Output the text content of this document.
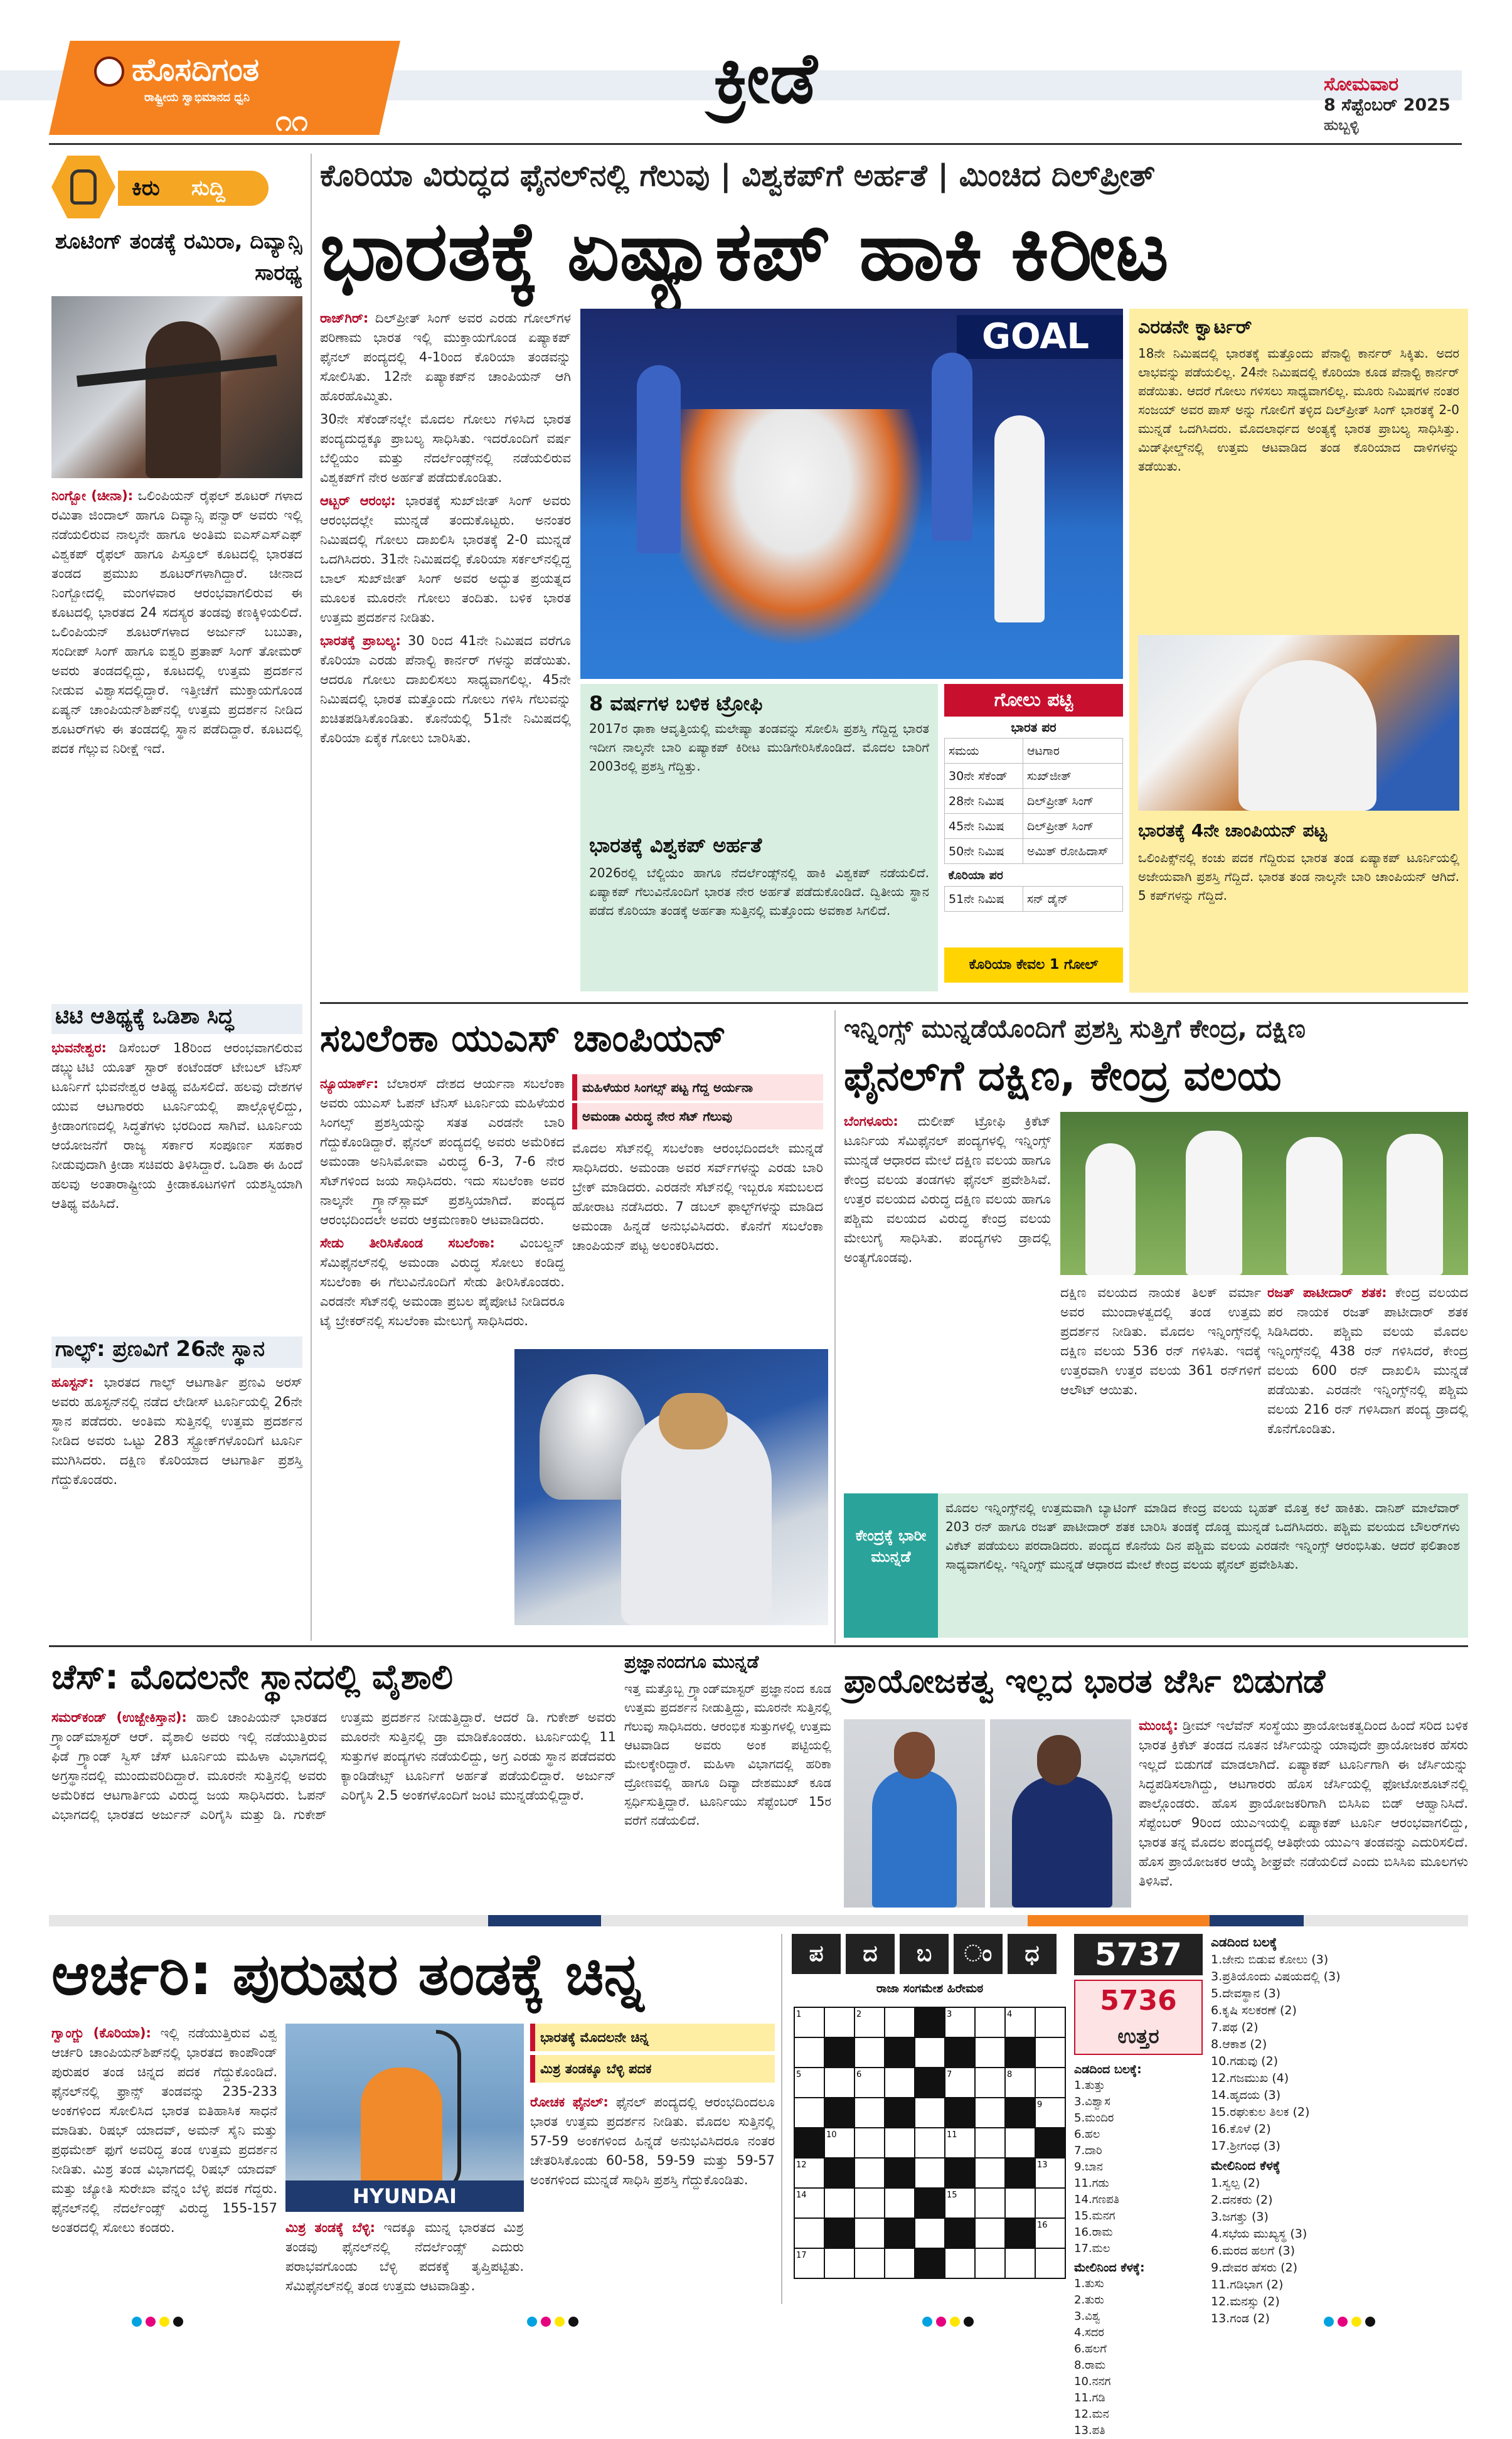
ಹೊಸದಿಗಂತ
ರಾಷ್ಟ್ರೀಯ ಸ್ವಾಭಿಮಾನದ ಧ್ವನಿ
೧೧
ಕ್ರೀಡೆ	ಸೋಮವಾರ
8 ಸೆಪ್ಟೆಂಬರ್ 2025
ಹುಬ್ಬಳ್ಳಿ
ಕಿರು	ಸುದ್ದಿ
ಶೂಟಿಂಗ್ ತಂಡಕ್ಕೆ ರಮಿರಾ, ದಿವ್ಯಾನ್ಸಿ ಸಾರಥ್ಯ

ನಿಂಗ್ಬೋ (ಚೀನಾ): ಒಲಿಂಪಿಯನ್ ರೈಫಲ್ ಶೂಟರ್ ಗಳಾದ ರಮಿತಾ ಜಿಂದಾಲ್ ಹಾಗೂ ದಿವ್ಯಾನ್ಸಿ ಪನ್ವಾರ್ ಅವರು ಇಲ್ಲಿ ನಡೆಯಲಿರುವ ನಾಲ್ಕನೇ ಹಾಗೂ ಅಂತಿಮ ಐಎಸ್‌ಎಸ್‌ಎಫ್ ವಿಶ್ವಕಪ್ ರೈಫಲ್ ಹಾಗೂ ಪಿಸ್ತೂಲ್ ಕೂಟದಲ್ಲಿ ಭಾರತದ ತಂಡದ ಪ್ರಮುಖ ಶೂಟರ್‌ಗಳಾಗಿದ್ದಾರೆ. ಚೀನಾದ ನಿಂಗ್ಬೋದಲ್ಲಿ ಮಂಗಳವಾರ ಆರಂಭವಾಗಲಿರುವ ಈ ಕೂಟದಲ್ಲಿ ಭಾರತದ 24 ಸದಸ್ಯರ ತಂಡವು ಕಣಕ್ಕಿಳಿಯಲಿದೆ. ಒಲಿಂಪಿಯನ್ ಶೂಟರ್‌ಗಳಾದ ಅರ್ಜುನ್ ಬಬುತಾ, ಸಂದೀಪ್ ಸಿಂಗ್ ಹಾಗೂ ಐಶ್ವರಿ ಪ್ರತಾಪ್ ಸಿಂಗ್ ತೋಮರ್ ಅವರು ತಂಡದಲ್ಲಿದ್ದು, ಕೂಟದಲ್ಲಿ ಉತ್ತಮ ಪ್ರದರ್ಶನ ನೀಡುವ ವಿಶ್ವಾಸದಲ್ಲಿದ್ದಾರೆ. ಇತ್ತೀಚೆಗೆ ಮುಕ್ತಾಯಗೊಂಡ ಏಷ್ಯನ್ ಚಾಂಪಿಯನ್‌ಶಿಪ್‌ನಲ್ಲಿ ಉತ್ತಮ ಪ್ರದರ್ಶನ ನೀಡಿದ ಶೂಟರ್‌ಗಳು ಈ ತಂಡದಲ್ಲಿ ಸ್ಥಾನ ಪಡೆದಿದ್ದಾರೆ. ಕೂಟದಲ್ಲಿ ಪದಕ ಗೆಲ್ಲುವ ನಿರೀಕ್ಷೆ ಇದೆ.

ಟಿಟಿ ಆತಿಥ್ಯಕ್ಕೆ ಒಡಿಶಾ ಸಿದ್ಧ

ಭುವನೇಶ್ವರ: ಡಿಸೆಂಬರ್ 18ರಿಂದ ಆರಂಭವಾಗಲಿರುವ ಡಬ್ಲ್ಯುಟಿಟಿ ಯೂತ್ ಸ್ಟಾರ್ ಕಂಟೆಂಡರ್ ಟೇಬಲ್ ಟೆನಿಸ್ ಟೂರ್ನಿಗೆ ಭುವನೇಶ್ವರ ಆತಿಥ್ಯ ವಹಿಸಲಿದೆ. ಹಲವು ದೇಶಗಳ ಯುವ ಆಟಗಾರರು ಟೂರ್ನಿಯಲ್ಲಿ ಪಾಲ್ಗೊಳ್ಳಲಿದ್ದು, ಕ್ರೀಡಾಂಗಣದಲ್ಲಿ ಸಿದ್ಧತೆಗಳು ಭರದಿಂದ ಸಾಗಿವೆ. ಟೂರ್ನಿಯ ಆಯೋಜನೆಗೆ ರಾಜ್ಯ ಸರ್ಕಾರ ಸಂಪೂರ್ಣ ಸಹಕಾರ ನೀಡುವುದಾಗಿ ಕ್ರೀಡಾ ಸಚಿವರು ತಿಳಿಸಿದ್ದಾರೆ. ಒಡಿಶಾ ಈ ಹಿಂದೆ ಹಲವು ಅಂತಾರಾಷ್ಟ್ರೀಯ ಕ್ರೀಡಾಕೂಟಗಳಿಗೆ ಯಶಸ್ವಿಯಾಗಿ ಆತಿಥ್ಯ ವಹಿಸಿದೆ.

ಗಾಲ್ಫ್: ಪ್ರಣವಿಗೆ 26ನೇ ಸ್ಥಾನ

ಹೂಸ್ಟನ್: ಭಾರತದ ಗಾಲ್ಫ್ ಆಟಗಾರ್ತಿ ಪ್ರಣವಿ ಅರಸ್ ಅವರು ಹೂಸ್ಟನ್‌ನಲ್ಲಿ ನಡೆದ ಲೇಡೀಸ್ ಟೂರ್ನಿಯಲ್ಲಿ 26ನೇ ಸ್ಥಾನ ಪಡೆದರು. ಅಂತಿಮ ಸುತ್ತಿನಲ್ಲಿ ಉತ್ತಮ ಪ್ರದರ್ಶನ ನೀಡಿದ ಅವರು ಒಟ್ಟು 283 ಸ್ಟ್ರೋಕ್‌ಗಳೊಂದಿಗೆ ಟೂರ್ನಿ ಮುಗಿಸಿದರು. ದಕ್ಷಿಣ ಕೊರಿಯಾದ ಆಟಗಾರ್ತಿ ಪ್ರಶಸ್ತಿ ಗೆದ್ದುಕೊಂಡರು.

ಕೊರಿಯಾ ವಿರುದ್ಧದ ಫೈನಲ್‌ನಲ್ಲಿ ಗೆಲುವು | ವಿಶ್ವಕಪ್‌ಗೆ ಅರ್ಹತೆ | ಮಿಂಚಿದ ದಿಲ್‌ಪ್ರೀತ್
ಭಾರತಕ್ಕೆ ಏಷ್ಯಾಕಪ್ ಹಾಕಿ ಕಿರೀಟ

ರಾಜ್‌ಗಿರ್: ದಿಲ್‌ಪ್ರೀತ್ ಸಿಂಗ್ ಅವರ ಎರಡು ಗೋಲ್‌ಗಳ ಪರಿಣಾಮ ಭಾರತ ಇಲ್ಲಿ ಮುಕ್ತಾಯಗೊಂಡ ಏಷ್ಯಾಕಪ್ ಫೈನಲ್ ಪಂದ್ಯದಲ್ಲಿ 4-1ರಿಂದ ಕೊರಿಯಾ ತಂಡವನ್ನು ಸೋಲಿಸಿತು. 12ನೇ ಏಷ್ಯಾಕಪ್‌ನ ಚಾಂಪಿಯನ್ ಆಗಿ ಹೊರಹೊಮ್ಮಿತು.

30ನೇ ಸೆಕೆಂಡ್‌ನಲ್ಲೇ ಮೊದಲ ಗೋಲು ಗಳಿಸಿದ ಭಾರತ ಪಂದ್ಯದುದ್ದಕ್ಕೂ ಪ್ರಾಬಲ್ಯ ಸಾಧಿಸಿತು. ಇದರೊಂದಿಗೆ ವರ್ಷ ಬೆಲ್ಜಿಯಂ ಮತ್ತು ನೆದರ್ಲೆಂಡ್ಸ್‌ನಲ್ಲಿ ನಡೆಯಲಿರುವ ವಿಶ್ವಕಪ್‌ಗೆ ನೇರ ಅರ್ಹತೆ ಪಡೆದುಕೊಂಡಿತು.

ಆಟ್ಬರ್ ಆರಂಭ: ಭಾರತಕ್ಕೆ ಸುಖ್‌ಜೀತ್ ಸಿಂಗ್ ಅವರು ಆರಂಭದಲ್ಲೇ ಮುನ್ನಡೆ ತಂದುಕೊಟ್ಟರು. ಅನಂತರ ನಿಮಿಷದಲ್ಲಿ ಗೋಲು ದಾಖಲಿಸಿ ಭಾರತಕ್ಕೆ 2-0 ಮುನ್ನಡೆ ಒದಗಿಸಿದರು. 31ನೇ ನಿಮಿಷದಲ್ಲಿ ಕೊರಿಯಾ ಸರ್ಕಲ್‌ನಲ್ಲಿದ್ದ ಬಾಲ್ ಸುಖ್‌ಜೀತ್ ಸಿಂಗ್ ಅವರ ಅದ್ಭುತ ಪ್ರಯತ್ನದ ಮೂಲಕ ಮೂರನೇ ಗೋಲು ತಂದಿತು. ಬಳಿಕ ಭಾರತ ಉತ್ತಮ ಪ್ರದರ್ಶನ ನೀಡಿತು.

ಭಾರತಕ್ಕೆ ಪ್ರಾಬಲ್ಯ: 30 ರಿಂದ 41ನೇ ನಿಮಿಷದ ವರೆಗೂ ಕೊರಿಯಾ ಎರಡು ಪೆನಾಲ್ಟಿ ಕಾರ್ನರ್ ಗಳನ್ನು ಪಡೆಯಿತು. ಆದರೂ ಗೋಲು ದಾಖಲಿಸಲು ಸಾಧ್ಯವಾಗಲಿಲ್ಲ. 45ನೇ ನಿಮಿಷದಲ್ಲಿ ಭಾರತ ಮತ್ತೊಂದು ಗೋಲು ಗಳಿಸಿ ಗೆಲುವನ್ನು ಖಚಿತಪಡಿಸಿಕೊಂಡಿತು. ಕೊನೆಯಲ್ಲಿ 51ನೇ ನಿಮಿಷದಲ್ಲಿ ಕೊರಿಯಾ ಏಕೈಕ ಗೋಲು ಬಾರಿಸಿತು.

GOAL
8 ವರ್ಷಗಳ ಬಳಿಕ ಟ್ರೋಫಿ
2017ರ ಢಾಕಾ ಆವೃತ್ತಿಯಲ್ಲಿ ಮಲೇಷ್ಯಾ ತಂಡವನ್ನು ಸೋಲಿಸಿ ಪ್ರಶಸ್ತಿ ಗೆದ್ದಿದ್ದ ಭಾರತ ಇದೀಗ ನಾಲ್ಕನೇ ಬಾರಿ ಏಷ್ಯಾಕಪ್ ಕಿರೀಟ ಮುಡಿಗೇರಿಸಿಕೊಂಡಿದೆ. ಮೊದಲ ಬಾರಿಗೆ 2003ರಲ್ಲಿ ಪ್ರಶಸ್ತಿ ಗೆದ್ದಿತ್ತು.
ಭಾರತಕ್ಕೆ ವಿಶ್ವಕಪ್ ಅರ್ಹತೆ
2026ರಲ್ಲಿ ಬೆಲ್ಜಿಯಂ ಹಾಗೂ ನೆದರ್ಲೆಂಡ್ಸ್‌ನಲ್ಲಿ ಹಾಕಿ ವಿಶ್ವಕಪ್ ನಡೆಯಲಿದೆ. ಏಷ್ಯಾಕಪ್ ಗೆಲುವಿನೊಂದಿಗೆ ಭಾರತ ನೇರ ಅರ್ಹತೆ ಪಡೆದುಕೊಂಡಿದೆ. ದ್ವಿತೀಯ ಸ್ಥಾನ ಪಡೆದ ಕೊರಿಯಾ ತಂಡಕ್ಕೆ ಅರ್ಹತಾ ಸುತ್ತಿನಲ್ಲಿ ಮತ್ತೊಂದು ಅವಕಾಶ ಸಿಗಲಿದೆ.
ಗೋಲು ಪಟ್ಟಿ
ಭಾರತ ಪರ
ಸಮಯ	ಆಟಗಾರ
30ನೇ ಸೆಕೆಂಡ್	ಸುಖ್‌ಜೀತ್
28ನೇ ನಿಮಿಷ	ದಿಲ್‌ಪ್ರೀತ್ ಸಿಂಗ್
45ನೇ ನಿಮಿಷ	ದಿಲ್‌ಪ್ರೀತ್ ಸಿಂಗ್
50ನೇ ನಿಮಿಷ	ಅಮಿತ್ ರೋಹಿದಾಸ್
ಕೊರಿಯಾ ಪರ	
51ನೇ ನಿಮಿಷ	ಸನ್ ಡೈನ್
ಕೊರಿಯಾ ಕೇವಲ 1 ಗೋಲ್
ಎರಡನೇ ಕ್ವಾರ್ಟರ್
18ನೇ ನಿಮಿಷದಲ್ಲಿ ಭಾರತಕ್ಕೆ ಮತ್ತೊಂದು ಪೆನಾಲ್ಟಿ ಕಾರ್ನರ್ ಸಿಕ್ಕಿತು. ಅದರ ಲಾಭವನ್ನು ಪಡೆಯಲಿಲ್ಲ. 24ನೇ ನಿಮಿಷದಲ್ಲಿ ಕೊರಿಯಾ ಕೂಡ ಪೆನಾಲ್ಟಿ ಕಾರ್ನರ್ ಪಡೆಯಿತು. ಆದರೆ ಗೋಲು ಗಳಿಸಲು ಸಾಧ್ಯವಾಗಲಿಲ್ಲ. ಮೂರು ನಿಮಿಷಗಳ ನಂತರ ಸಂಜಯ್ ಅವರ ಪಾಸ್ ಅನ್ನು ಗೋಲಿಗೆ ತಳ್ಳಿದ ದಿಲ್‌ಪ್ರೀತ್ ಸಿಂಗ್ ಭಾರತಕ್ಕೆ 2-0 ಮುನ್ನಡೆ ಒದಗಿಸಿದರು. ಮೊದಲಾರ್ಧದ ಅಂತ್ಯಕ್ಕೆ ಭಾರತ ಪ್ರಾಬಲ್ಯ ಸಾಧಿಸಿತ್ತು. ಮಿಡ್‌ಫೀಲ್ಡ್‌ನಲ್ಲಿ ಉತ್ತಮ ಆಟವಾಡಿದ ತಂಡ ಕೊರಿಯಾದ ದಾಳಿಗಳನ್ನು ತಡೆಯಿತು.
ಭಾರತಕ್ಕೆ 4ನೇ ಚಾಂಪಿಯನ್ ಪಟ್ಟ
ಒಲಿಂಪಿಕ್ಸ್‌ನಲ್ಲಿ ಕಂಚು ಪದಕ ಗೆದ್ದಿರುವ ಭಾರತ ತಂಡ ಏಷ್ಯಾಕಪ್ ಟೂರ್ನಿಯಲ್ಲಿ ಅಜೇಯವಾಗಿ ಪ್ರಶಸ್ತಿ ಗೆದ್ದಿದೆ. ಭಾರತ ತಂಡ ನಾಲ್ಕನೇ ಬಾರಿ ಚಾಂಪಿಯನ್ ಆಗಿದೆ. 5 ಕಪ್‌ಗಳನ್ನು ಗೆದ್ದಿದೆ.
ಸಬಲೆಂಕಾ ಯುಎಸ್ ಚಾಂಪಿಯನ್

ನ್ಯೂಯಾರ್ಕ್: ಬೆಲಾರಸ್ ದೇಶದ ಆರ್ಯನಾ ಸಬಲೆಂಕಾ ಅವರು ಯುಎಸ್ ಓಪನ್ ಟೆನಿಸ್ ಟೂರ್ನಿಯ ಮಹಿಳೆಯರ ಸಿಂಗಲ್ಸ್ ಪ್ರಶಸ್ತಿಯನ್ನು ಸತತ ಎರಡನೇ ಬಾರಿ ಗೆದ್ದುಕೊಂಡಿದ್ದಾರೆ. ಫೈನಲ್ ಪಂದ್ಯದಲ್ಲಿ ಅವರು ಅಮೆರಿಕದ ಅಮಂಡಾ ಅನಿಸಿಮೋವಾ ವಿರುದ್ಧ 6-3, 7-6 ನೇರ ಸೆಟ್‌ಗಳಿಂದ ಜಯ ಸಾಧಿಸಿದರು. ಇದು ಸಬಲೆಂಕಾ ಅವರ ನಾಲ್ಕನೇ ಗ್ರ್ಯಾನ್‌ಸ್ಲಾಮ್ ಪ್ರಶಸ್ತಿಯಾಗಿದೆ. ಪಂದ್ಯದ ಆರಂಭದಿಂದಲೇ ಅವರು ಆಕ್ರಮಣಕಾರಿ ಆಟವಾಡಿದರು.

ಸೇಡು ತೀರಿಸಿಕೊಂಡ ಸಬಲೆಂಕಾ: ವಿಂಬಲ್ಡನ್ ಸೆಮಿಫೈನಲ್‌ನಲ್ಲಿ ಅಮಂಡಾ ವಿರುದ್ಧ ಸೋಲು ಕಂಡಿದ್ದ ಸಬಲೆಂಕಾ ಈ ಗೆಲುವಿನೊಂದಿಗೆ ಸೇಡು ತೀರಿಸಿಕೊಂಡರು. ಎರಡನೇ ಸೆಟ್‌ನಲ್ಲಿ ಅಮಂಡಾ ಪ್ರಬಲ ಪೈಪೋಟಿ ನೀಡಿದರೂ ಟೈ ಬ್ರೇಕರ್‌ನಲ್ಲಿ ಸಬಲೆಂಕಾ ಮೇಲುಗೈ ಸಾಧಿಸಿದರು.

ಮಹಿಳೆಯರ ಸಿಂಗಲ್ಸ್ ಪಟ್ಟ ಗೆದ್ದ ಅರ್ಯನಾ
ಅಮಂಡಾ ವಿರುದ್ಧ ನೇರ ಸೆಟ್ ಗೆಲುವು

ಮೊದಲ ಸೆಟ್‌ನಲ್ಲಿ ಸಬಲೆಂಕಾ ಆರಂಭದಿಂದಲೇ ಮುನ್ನಡೆ ಸಾಧಿಸಿದರು. ಅಮಂಡಾ ಅವರ ಸರ್ವ್‌ಗಳನ್ನು ಎರಡು ಬಾರಿ ಬ್ರೇಕ್ ಮಾಡಿದರು. ಎರಡನೇ ಸೆಟ್‌ನಲ್ಲಿ ಇಬ್ಬರೂ ಸಮಬಲದ ಹೋರಾಟ ನಡೆಸಿದರು. 7 ಡಬಲ್ ಫಾಲ್ಟ್‌ಗಳನ್ನು ಮಾಡಿದ ಅಮಂಡಾ ಹಿನ್ನಡೆ ಅನುಭವಿಸಿದರು. ಕೊನೆಗೆ ಸಬಲೆಂಕಾ ಚಾಂಪಿಯನ್ ಪಟ್ಟ ಅಲಂಕರಿಸಿದರು.

ಇನ್ನಿಂಗ್ಸ್ ಮುನ್ನಡೆಯೊಂದಿಗೆ ಪ್ರಶಸ್ತಿ ಸುತ್ತಿಗೆ ಕೇಂದ್ರ, ದಕ್ಷಿಣ
ಫೈನಲ್‌ಗೆ ದಕ್ಷಿಣ, ಕೇಂದ್ರ ವಲಯ

ಬೆಂಗಳೂರು: ದುಲೀಪ್ ಟ್ರೋಫಿ ಕ್ರಿಕೆಟ್ ಟೂರ್ನಿಯ ಸೆಮಿಫೈನಲ್ ಪಂದ್ಯಗಳಲ್ಲಿ ಇನ್ನಿಂಗ್ಸ್ ಮುನ್ನಡೆ ಆಧಾರದ ಮೇಲೆ ದಕ್ಷಿಣ ವಲಯ ಹಾಗೂ ಕೇಂದ್ರ ವಲಯ ತಂಡಗಳು ಫೈನಲ್ ಪ್ರವೇಶಿಸಿವೆ. ಉತ್ತರ ವಲಯದ ವಿರುದ್ಧ ದಕ್ಷಿಣ ವಲಯ ಹಾಗೂ ಪಶ್ಚಿಮ ವಲಯದ ವಿರುದ್ಧ ಕೇಂದ್ರ ವಲಯ ಮೇಲುಗೈ ಸಾಧಿಸಿತು. ಪಂದ್ಯಗಳು ಡ್ರಾದಲ್ಲಿ ಅಂತ್ಯಗೊಂಡವು.

ದಕ್ಷಿಣ ವಲಯದ ನಾಯಕ ತಿಲಕ್ ವರ್ಮಾ ಅವರ ಮುಂದಾಳತ್ವದಲ್ಲಿ ತಂಡ ಉತ್ತಮ ಪ್ರದರ್ಶನ ನೀಡಿತು. ಮೊದಲ ಇನ್ನಿಂಗ್ಸ್‌ನಲ್ಲಿ ದಕ್ಷಿಣ ವಲಯ 536 ರನ್ ಗಳಿಸಿತು. ಇದಕ್ಕೆ ಉತ್ತರವಾಗಿ ಉತ್ತರ ವಲಯ 361 ರನ್‌ಗಳಿಗೆ ಆಲೌಟ್ ಆಯಿತು.

ರಜತ್ ಪಾಟೀದಾರ್ ಶತಕ: ಕೇಂದ್ರ ವಲಯದ ಪರ ನಾಯಕ ರಜತ್ ಪಾಟೀದಾರ್ ಶತಕ ಸಿಡಿಸಿದರು. ಪಶ್ಚಿಮ ವಲಯ ಮೊದಲ ಇನ್ನಿಂಗ್ಸ್‌ನಲ್ಲಿ 438 ರನ್ ಗಳಿಸಿದರೆ, ಕೇಂದ್ರ ವಲಯ 600 ರನ್ ದಾಖಲಿಸಿ ಮುನ್ನಡೆ ಪಡೆಯಿತು. ಎರಡನೇ ಇನ್ನಿಂಗ್ಸ್‌ನಲ್ಲಿ ಪಶ್ಚಿಮ ವಲಯ 216 ರನ್ ಗಳಿಸಿದಾಗ ಪಂದ್ಯ ಡ್ರಾದಲ್ಲಿ ಕೊನೆಗೊಂಡಿತು.

ಕೇಂದ್ರಕ್ಕೆ ಭಾರೀ ಮುನ್ನಡೆ
ಮೊದಲ ಇನ್ನಿಂಗ್ಸ್‌ನಲ್ಲಿ ಉತ್ತಮವಾಗಿ ಬ್ಯಾಟಿಂಗ್ ಮಾಡಿದ ಕೇಂದ್ರ ವಲಯ ಬೃಹತ್ ಮೊತ್ತ ಕಲೆ ಹಾಕಿತು. ದಾನಿಶ್ ಮಾಲೆವಾರ್ 203 ರನ್ ಹಾಗೂ ರಜತ್ ಪಾಟೀದಾರ್ ಶತಕ ಬಾರಿಸಿ ತಂಡಕ್ಕೆ ದೊಡ್ಡ ಮುನ್ನಡೆ ಒದಗಿಸಿದರು. ಪಶ್ಚಿಮ ವಲಯದ ಬೌಲರ್‌ಗಳು ವಿಕೆಟ್ ಪಡೆಯಲು ಪರದಾಡಿದರು. ಪಂದ್ಯದ ಕೊನೆಯ ದಿನ ಪಶ್ಚಿಮ ವಲಯ ಎರಡನೇ ಇನ್ನಿಂಗ್ಸ್ ಆರಂಭಿಸಿತು. ಆದರೆ ಫಲಿತಾಂಶ ಸಾಧ್ಯವಾಗಲಿಲ್ಲ. ಇನ್ನಿಂಗ್ಸ್ ಮುನ್ನಡೆ ಆಧಾರದ ಮೇಲೆ ಕೇಂದ್ರ ವಲಯ ಫೈನಲ್ ಪ್ರವೇಶಿಸಿತು.
ಚೆಸ್: ಮೊದಲನೇ ಸ್ಥಾನದಲ್ಲಿ ವೈಶಾಲಿ

ಸಮರ್‌ಕಂಡ್ (ಉಜ್ಬೇಕಿಸ್ತಾನ): ಹಾಲಿ ಚಾಂಪಿಯನ್ ಭಾರತದ ಗ್ರ್ಯಾಂಡ್‌ಮಾಸ್ಟರ್ ಆರ್. ವೈಶಾಲಿ ಅವರು ಇಲ್ಲಿ ನಡೆಯುತ್ತಿರುವ ಫಿಡೆ ಗ್ರ್ಯಾಂಡ್ ಸ್ವಿಸ್ ಚೆಸ್ ಟೂರ್ನಿಯ ಮಹಿಳಾ ವಿಭಾಗದಲ್ಲಿ ಅಗ್ರಸ್ಥಾನದಲ್ಲಿ ಮುಂದುವರಿದಿದ್ದಾರೆ. ಮೂರನೇ ಸುತ್ತಿನಲ್ಲಿ ಅವರು ಅಮೆರಿಕದ ಆಟಗಾರ್ತಿಯ ವಿರುದ್ಧ ಜಯ ಸಾಧಿಸಿದರು. ಓಪನ್ ವಿಭಾಗದಲ್ಲಿ ಭಾರತದ ಅರ್ಜುನ್ ಎರಿಗೈಸಿ ಮತ್ತು ಡಿ. ಗುಕೇಶ್ ಉತ್ತಮ ಪ್ರದರ್ಶನ ನೀಡುತ್ತಿದ್ದಾರೆ. ಆದರೆ ಡಿ. ಗುಕೇಶ್ ಅವರು ಮೂರನೇ ಸುತ್ತಿನಲ್ಲಿ ಡ್ರಾ ಮಾಡಿಕೊಂಡರು. ಟೂರ್ನಿಯಲ್ಲಿ 11 ಸುತ್ತುಗಳ ಪಂದ್ಯಗಳು ನಡೆಯಲಿದ್ದು, ಅಗ್ರ ಎರಡು ಸ್ಥಾನ ಪಡೆದವರು ಕ್ಯಾಂಡಿಡೇಟ್ಸ್ ಟೂರ್ನಿಗೆ ಅರ್ಹತೆ ಪಡೆಯಲಿದ್ದಾರೆ. ಅರ್ಜುನ್ ಎರಿಗೈಸಿ 2.5 ಅಂಕಗಳೊಂದಿಗೆ ಜಂಟಿ ಮುನ್ನಡೆಯಲ್ಲಿದ್ದಾರೆ.

ಪ್ರಜ್ಞಾನಂದಗೂ ಮುನ್ನಡೆ
ಇತ್ತ ಮತ್ತೊಬ್ಬ ಗ್ರ್ಯಾಂಡ್‌ಮಾಸ್ಟರ್ ಪ್ರಜ್ಞಾನಂದ ಕೂಡ ಉತ್ತಮ ಪ್ರದರ್ಶನ ನೀಡುತ್ತಿದ್ದು, ಮೂರನೇ ಸುತ್ತಿನಲ್ಲಿ ಗೆಲುವು ಸಾಧಿಸಿದರು. ಆರಂಭಿಕ ಸುತ್ತುಗಳಲ್ಲಿ ಉತ್ತಮ ಆಟವಾಡಿದ ಅವರು ಅಂಕ ಪಟ್ಟಿಯಲ್ಲಿ ಮೇಲಕ್ಕೇರಿದ್ದಾರೆ. ಮಹಿಳಾ ವಿಭಾಗದಲ್ಲಿ ಹರಿಕಾ ದ್ರೋಣವಲ್ಲಿ ಹಾಗೂ ದಿವ್ಯಾ ದೇಶಮುಖ್ ಕೂಡ ಸ್ಪರ್ಧಿಸುತ್ತಿದ್ದಾರೆ. ಟೂರ್ನಿಯು ಸೆಪ್ಟೆಂಬರ್ 15ರ ವರೆಗೆ ನಡೆಯಲಿದೆ.
ಪ್ರಾಯೋಜಕತ್ವ ಇಲ್ಲದ ಭಾರತ ಜೆರ್ಸಿ ಬಿಡುಗಡೆ

ಮುಂಬೈ: ಡ್ರೀಮ್ ಇಲೆವೆನ್ ಸಂಸ್ಥೆಯು ಪ್ರಾಯೋಜಕತ್ವದಿಂದ ಹಿಂದೆ ಸರಿದ ಬಳಿಕ ಭಾರತ ಕ್ರಿಕೆಟ್ ತಂಡದ ನೂತನ ಜೆರ್ಸಿಯನ್ನು ಯಾವುದೇ ಪ್ರಾಯೋಜಕರ ಹೆಸರು ಇಲ್ಲದೆ ಬಿಡುಗಡೆ ಮಾಡಲಾಗಿದೆ. ಏಷ್ಯಾಕಪ್ ಟೂರ್ನಿಗಾಗಿ ಈ ಜೆರ್ಸಿಯನ್ನು ಸಿದ್ಧಪಡಿಸಲಾಗಿದ್ದು, ಆಟಗಾರರು ಹೊಸ ಜೆರ್ಸಿಯಲ್ಲಿ ಫೋಟೋಶೂಟ್‌ನಲ್ಲಿ ಪಾಲ್ಗೊಂಡರು. ಹೊಸ ಪ್ರಾಯೋಜಕರಿಗಾಗಿ ಬಿಸಿಸಿಐ ಬಿಡ್ ಆಹ್ವಾನಿಸಿದೆ. ಸೆಪ್ಟೆಂಬರ್ 9ರಿಂದ ಯುಎಇಯಲ್ಲಿ ಏಷ್ಯಾಕಪ್ ಟೂರ್ನಿ ಆರಂಭವಾಗಲಿದ್ದು, ಭಾರತ ತನ್ನ ಮೊದಲ ಪಂದ್ಯದಲ್ಲಿ ಆತಿಥೇಯ ಯುಎಇ ತಂಡವನ್ನು ಎದುರಿಸಲಿದೆ. ಹೊಸ ಪ್ರಾಯೋಜಕರ ಆಯ್ಕೆ ಶೀಘ್ರವೇ ನಡೆಯಲಿದೆ ಎಂದು ಬಿಸಿಸಿಐ ಮೂಲಗಳು ತಿಳಿಸಿವೆ.

ಆರ್ಚರಿ: ಪುರುಷರ ತಂಡಕ್ಕೆ ಚಿನ್ನ

ಗ್ವಾಂಗ್ಜು (ಕೊರಿಯಾ): ಇಲ್ಲಿ ನಡೆಯುತ್ತಿರುವ ವಿಶ್ವ ಆರ್ಚರಿ ಚಾಂಪಿಯನ್‌ಶಿಪ್‌ನಲ್ಲಿ ಭಾರತದ ಕಾಂಪೌಂಡ್ ಪುರುಷರ ತಂಡ ಚಿನ್ನದ ಪದಕ ಗೆದ್ದುಕೊಂಡಿದೆ. ಫೈನಲ್‌ನಲ್ಲಿ ಫ್ರಾನ್ಸ್ ತಂಡವನ್ನು 235-233 ಅಂಕಗಳಿಂದ ಸೋಲಿಸಿದ ಭಾರತ ಐತಿಹಾಸಿಕ ಸಾಧನೆ ಮಾಡಿತು. ರಿಷಭ್ ಯಾದವ್, ಅಮನ್ ಸೈನಿ ಮತ್ತು ಪ್ರಥಮೇಶ್ ಫುಗೆ ಅವರಿದ್ದ ತಂಡ ಉತ್ತಮ ಪ್ರದರ್ಶನ ನೀಡಿತು. ಮಿಶ್ರ ತಂಡ ವಿಭಾಗದಲ್ಲಿ ರಿಷಭ್ ಯಾದವ್ ಮತ್ತು ಜ್ಯೋತಿ ಸುರೇಖಾ ವೆನ್ನಂ ಬೆಳ್ಳಿ ಪದಕ ಗೆದ್ದರು. ಫೈನಲ್‌ನಲ್ಲಿ ನೆದರ್ಲೆಂಡ್ಸ್ ವಿರುದ್ಧ 155-157 ಅಂತರದಲ್ಲಿ ಸೋಲು ಕಂಡರು.

HYUNDAI
ಭಾರತಕ್ಕೆ ಮೊದಲನೇ ಚಿನ್ನ
ಮಿಶ್ರ ತಂಡಕ್ಕೂ ಬೆಳ್ಳಿ ಪದಕ

ರೋಚಕ ಫೈನಲ್: ಫೈನಲ್ ಪಂದ್ಯದಲ್ಲಿ ಆರಂಭದಿಂದಲೂ ಭಾರತ ಉತ್ತಮ ಪ್ರದರ್ಶನ ನೀಡಿತು. ಮೊದಲ ಸುತ್ತಿನಲ್ಲಿ 57-59 ಅಂಕಗಳಿಂದ ಹಿನ್ನಡೆ ಅನುಭವಿಸಿದರೂ ನಂತರ ಚೇತರಿಸಿಕೊಂಡು 60-58, 59-59 ಮತ್ತು 59-57 ಅಂಕಗಳಿಂದ ಮುನ್ನಡೆ ಸಾಧಿಸಿ ಪ್ರಶಸ್ತಿ ಗೆದ್ದುಕೊಂಡಿತು.

ಮಿಶ್ರ ತಂಡಕ್ಕೆ ಬೆಳ್ಳಿ: ಇದಕ್ಕೂ ಮುನ್ನ ಭಾರತದ ಮಿಶ್ರ ತಂಡವು ಫೈನಲ್‌ನಲ್ಲಿ ನೆದರ್ಲೆಂಡ್ಸ್ ಎದುರು ಪರಾಭವಗೊಂಡು ಬೆಳ್ಳಿ ಪದಕಕ್ಕೆ ತೃಪ್ತಿಪಟ್ಟಿತು. ಸೆಮಿಫೈನಲ್‌ನಲ್ಲಿ ತಂಡ ಉತ್ತಮ ಆಟವಾಡಿತ್ತು.

ಪ	ದ	ಬ	ಂ	ಧ
ರಾಜಾ ಸಂಗಮೇಶ ಹಿರೇಮಠ
1	2	3	4
5	6	7	8
9
10	11
12	13
14	15
16
17
5737
5736
ಉತ್ತರ
ಎಡದಿಂದ ಬಲಕ್ಕೆ:
1.ತುತ್ತು
3.ವಿಶ್ವಾಸ
5.ಮಂದಿರ
6.ಹಲ
7.ದಾರಿ
9.ಬಾನ
11.ಗಡು
14.ಗಣಪತಿ
15.ಮನಗ
16.ರಾಮ
17.ಮಲ
ಮೇಲಿನಿಂದ ಕೆಳಕ್ಕೆ:
1.ತುಸು
2.ತುರು
3.ವಿಶ್ವ
4.ಸದರ
6.ಹಲಗೆ
8.ರಾಮ
10.ನನಗ
11.ಗಡಿ
12.ಮನ
13.ಪತಿ
ಎಡದಿಂದ ಬಲಕ್ಕೆ
1.ಜೇನು ಬಿಡುವ ಕೋಲು (3)
3.ಪ್ರತಿಯೊಂದು ವಿಷಯದಲ್ಲಿ (3)
5.ದೇವಸ್ಥಾನ (3)
6.ಕೃಷಿ ಸಲಕರಣೆ (2)
7.ಪಥ (2)
8.ಆಕಾಶ (2)
10.ಗಡುವು (2)
12.ಗಜಮುಖ (4)
14.ಹೃದಯ (3)
15.ರಘುಕುಲ ತಿಲಕ (2)
16.ಕೊಳೆ (2)
17.ಶ್ರೀಗಂಧ (3)
ಮೇಲಿನಿಂದ ಕೆಳಕ್ಕೆ
1.ಸ್ವಲ್ಪ (2)
2.ದನಕರು (2)
3.ಜಗತ್ತು (3)
4.ಸಭೆಯ ಮುಖ್ಯಸ್ಥ (3)
6.ಮರದ ಹಲಗೆ (3)
9.ದೇವರ ಹೆಸರು (2)
11.ಗಡಿಭಾಗ (2)
12.ಮನಸ್ಸು (2)
13.ಗಂಡ (2)
